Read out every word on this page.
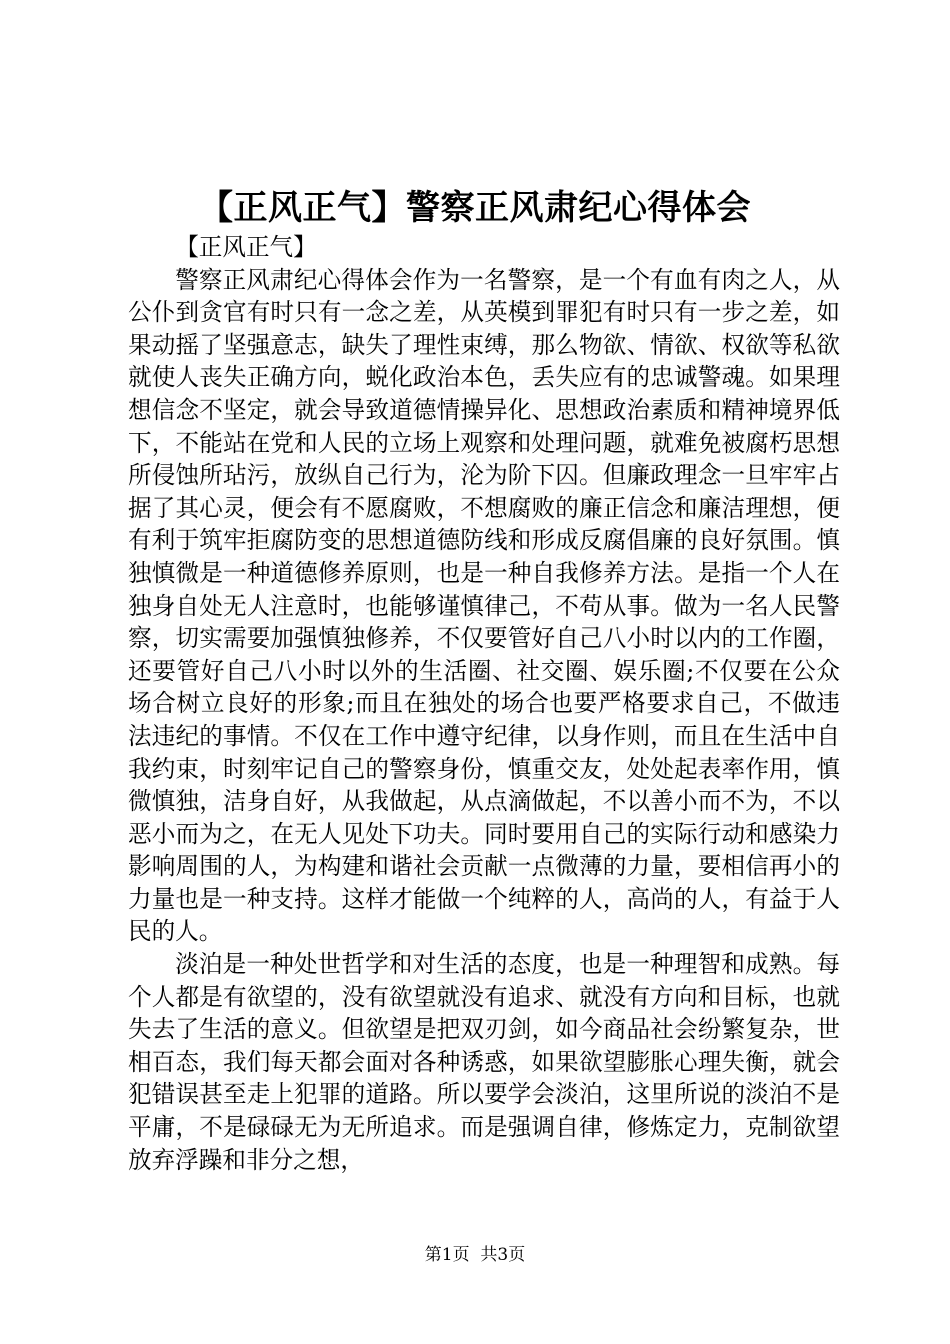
【正风正气】警察正风肃纪心得体会

【正风正气】

警察正风肃纪心得体会作为一名警察，是一个有血有肉之人，从公仆到贪官有时只有一念之差，从英模到罪犯有时只有一步之差，如果动摇了坚强意志，缺失了理性束缚，那么物欲、情欲、权欲等私欲就使人丧失正确方向，蜕化政治本色，丢失应有的忠诚警魂。如果理想信念不坚定，就会导致道德情操异化、思想政治素质和精神境界低下，不能站在党和人民的立场上观察和处理问题，就难免被腐朽思想所侵蚀所玷污，放纵自己行为，沦为阶下囚。但廉政理念一旦牢牢占据了其心灵，便会有不愿腐败，不想腐败的廉正信念和廉洁理想，便有利于筑牢拒腐防变的思想道德防线和形成反腐倡廉的良好氛围。慎独慎微是一种道德修养原则，也是一种自我修养方法。是指一个人在独身自处无人注意时，也能够谨慎律己，不苟从事。做为一名人民警察，切实需要加强慎独修养，不仅要管好自己八小时以内的工作圈，还要管好自己八小时以外的生活圈、社交圈、娱乐圈;不仅要在公众场合树立良好的形象;而且在独处的场合也要严格要求自己，不做违法违纪的事情。不仅在工作中遵守纪律，以身作则，而且在生活中自我约束，时刻牢记自己的警察身份，慎重交友，处处起表率作用，慎微慎独，洁身自好，从我做起，从点滴做起，不以善小而不为，不以恶小而为之，在无人见处下功夫。同时要用自己的实际行动和感染力影响周围的人，为构建和谐社会贡献一点微薄的力量，要相信再小的力量也是一种支持。这样才能做一个纯粹的人，高尚的人，有益于人民的人。

淡泊是一种处世哲学和对生活的态度，也是一种理智和成熟。每个人都是有欲望的，没有欲望就没有追求、就没有方向和目标，也就失去了生活的意义。但欲望是把双刃剑，如今商品社会纷繁复杂，世相百态，我们每天都会面对各种诱惑，如果欲望膨胀心理失衡，就会犯错误甚至走上犯罪的道路。所以要学会淡泊，这里所说的淡泊不是平庸，不是碌碌无为无所追求。而是强调自律，修炼定力，克制欲望放弃浮躁和非分之想，

第1页 共3页
